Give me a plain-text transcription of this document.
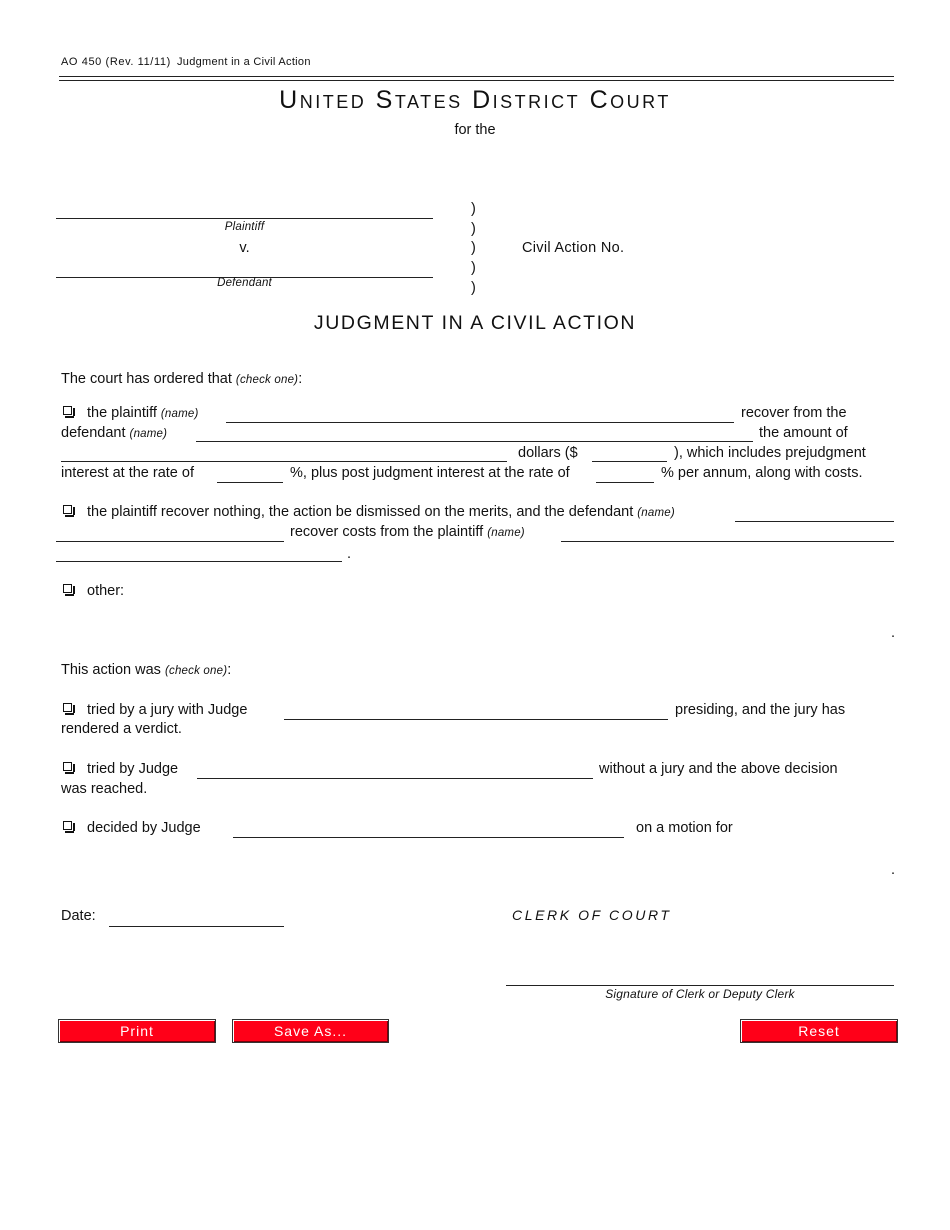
AO 450 (Rev. 11/11) Judgment in a Civil Action
United States District Court
for the
Plaintiff
v.
Defendant
)
)
)
)
)
Civil Action No.
JUDGMENT IN A CIVIL ACTION
The court has ordered that (check one):
the plaintiff (name)	recover from the
defendant (name)	the amount of
dollars ($	), which includes prejudgment
interest at the rate of	%, plus post judgment interest at the rate of	% per annum, along with costs.
the plaintiff recover nothing, the action be dismissed on the merits, and the defendant (name)
recover costs from the plaintiff (name)
.
other:
.
This action was (check one):
tried by a jury with Judge	presiding, and the jury has
rendered a verdict.
tried by Judge	without a jury and the above decision
was reached.
decided by Judge	on a motion for
.
Date:	CLERK OF COURT
Signature of Clerk or Deputy Clerk
Print	Save As...	Reset
